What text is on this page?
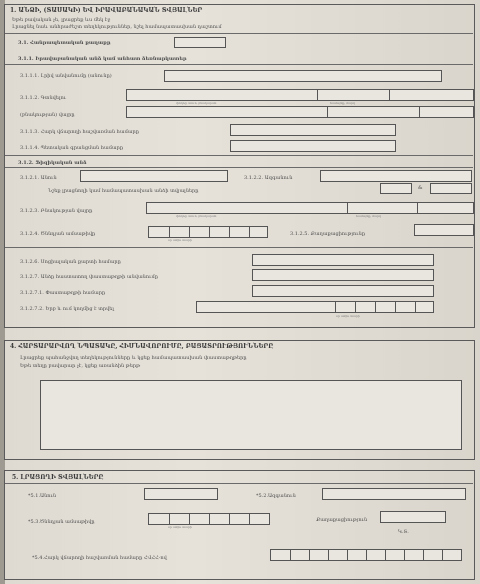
1. ԱՆՁԻ, (ՏԱՍԱԿԻ) ԵՎ ԻՐԱՎԱԲԱՆԱԿԱՆ ՏՎՅԱԼՆԵՐ
Եթե բավական չե, լրացրեք ևս մեկ էջ
Լրացնել նաև անհրաժեշտ տեղեկություններ, նշել համապատասխան դաշտում
3.1. Հանրապետական քաղաքը
3.1.1. Իրավաբանական անձ կամ անհատ ձեռնարկատեր
3.1.1.1. Լրիվ անվանումը (անունը)
3.1.1.2. Գտնվելու
(բնակության) վայրը
փողոց, տուն, բնակարան	համայնք, մարզ
3.1.1.3. Հարկ վճարողի հաշվառման համարը
3.1.1.4. Պետական գրանցման համարը
3.1.2. Ֆիզիկական անձ
3.1.2.1. Անուն	3.1.2.2. Ազգանուն
Նշեք լրացնողի կամ համապատասխան անձի տվյալները	&
3.1.2.3. Բնակության վայրը
փողոց, տուն, բնակարան	համայնք, մարզ
3.1.2.4. Ծննդյան ամսաթիվը
օր ամիս տարի
3.1.2.5. Քաղաքացիությունը
3.1.2.6. Սոցիալական քարտի համարը
3.1.2.7. Անձը հաստատող փաստաթղթի անվանումը
3.1.2.7.1. Փաստաթղթի համարը
3.1.2.7.2. Երբ և ում կողմից է տրվել
օր ամիս տարի
4. ՀԱՐՏԱՐԱՐՎՈՂ ՆՊԱՏԱԿԸ, ՀԻՄՆԱՎՈՐՈՒՄԸ, ԲԱՑԱՏՐՈՒԹՅՈՒՆՆԵՐԸ
Լրացրեք պահանջվող տեղեկությունները և կցեք համապատասխան փաստաթղթերը
Եթե տեղը բավարար չէ, կցեք առանձին թերթ
5. ԼՐԱՑՈՂԻ ՏՎՅԱԼՆԵՐԸ
*5.1.Անուն	*5.2.Ազգանուն
*5.3.Ծննդյան ամսաթիվը
օր ամիս տարի
Քաղաքացիություն
Կ.Տ.
*5.4.Հարկ վճարողի հաշվառման համարը ՀՎՀՀ-ով
